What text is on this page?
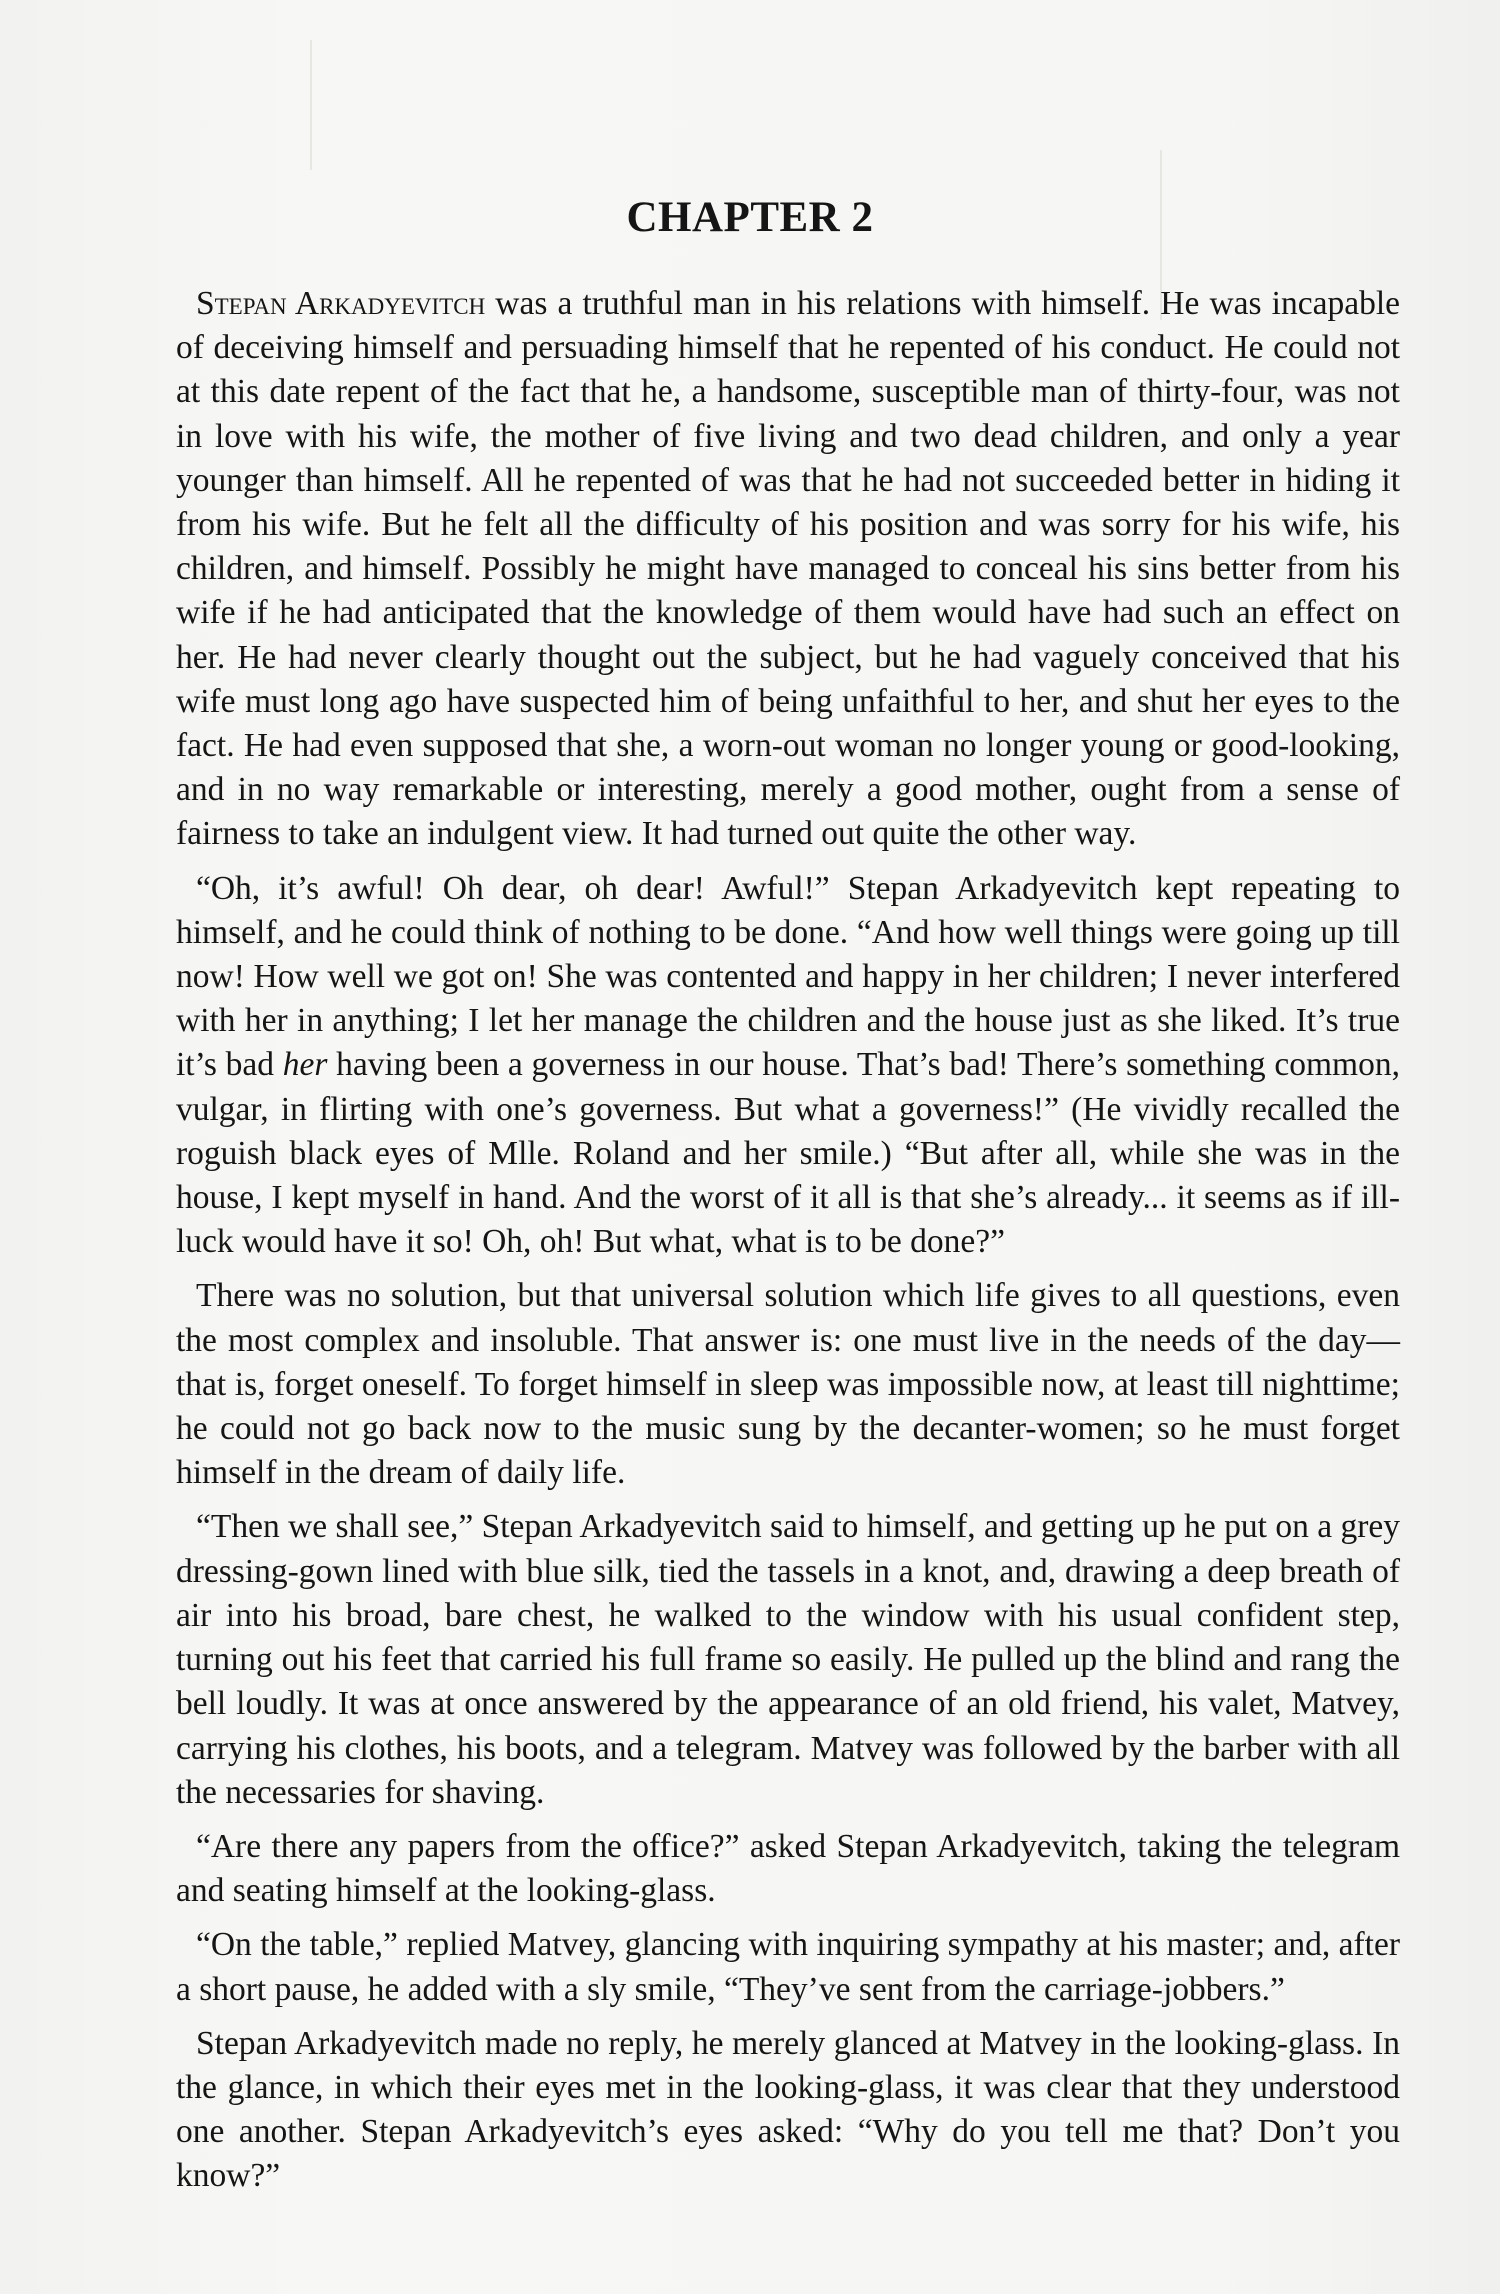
CHAPTER 2

Stepan Arkadyevitch was a truthful man in his relations with himself. He was incapable of deceiving himself and persuading himself that he repented of his conduct. He could not at this date repent of the fact that he, a handsome, susceptible man of thirty-four, was not in love with his wife, the mother of five living and two dead children, and only a year younger than himself. All he repented of was that he had not succeeded better in hiding it from his wife. But he felt all the difficulty of his position and was sorry for his wife, his children, and himself. Possibly he might have managed to conceal his sins better from his wife if he had anticipated that the knowledge of them would have had such an effect on her. He had never clearly thought out the subject, but he had vaguely conceived that his wife must long ago have suspected him of being unfaithful to her, and shut her eyes to the fact. He had even supposed that she, a worn-out woman no longer young or good-looking, and in no way remarkable or interesting, merely a good mother, ought from a sense of fairness to take an indulgent view. It had turned out quite the other way.

“Oh, it’s awful! Oh dear, oh dear! Awful!” Stepan Arkadyevitch kept repeating to himself, and he could think of nothing to be done. “And how well things were going up till now! How well we got on! She was contented and happy in her children; I never interfered with her in anything; I let her manage the children and the house just as she liked. It’s true it’s bad her having been a governess in our house. That’s bad! There’s something common, vulgar, in flirting with one’s governess. But what a governess!” (He vividly recalled the roguish black eyes of Mlle. Roland and her smile.) “But after all, while she was in the house, I kept myself in hand. And the worst of it all is that she’s already... it seems as if ill-luck would have it so! Oh, oh! But what, what is to be done?”

There was no solution, but that universal solution which life gives to all questions, even the most complex and insoluble. That answer is: one must live in the needs of the day—that is, forget oneself. To forget himself in sleep was impossible now, at least till nighttime; he could not go back now to the music sung by the decanter-women; so he must forget himself in the dream of daily life.

“Then we shall see,” Stepan Arkadyevitch said to himself, and getting up he put on a grey dressing-gown lined with blue silk, tied the tassels in a knot, and, drawing a deep breath of air into his broad, bare chest, he walked to the window with his usual confident step, turning out his feet that carried his full frame so easily. He pulled up the blind and rang the bell loudly. It was at once answered by the appearance of an old friend, his valet, Matvey, carrying his clothes, his boots, and a telegram. Matvey was followed by the barber with all the necessaries for shaving.

“Are there any papers from the office?” asked Stepan Arkadyevitch, taking the telegram and seating himself at the looking-glass.

“On the table,” replied Matvey, glancing with inquiring sympathy at his master; and, after a short pause, he added with a sly smile, “They’ve sent from the carriage-jobbers.”

Stepan Arkadyevitch made no reply, he merely glanced at Matvey in the looking-glass. In the glance, in which their eyes met in the looking-glass, it was clear that they understood one another. Stepan Arkadyevitch’s eyes asked: “Why do you tell me that? Don’t you know?”
